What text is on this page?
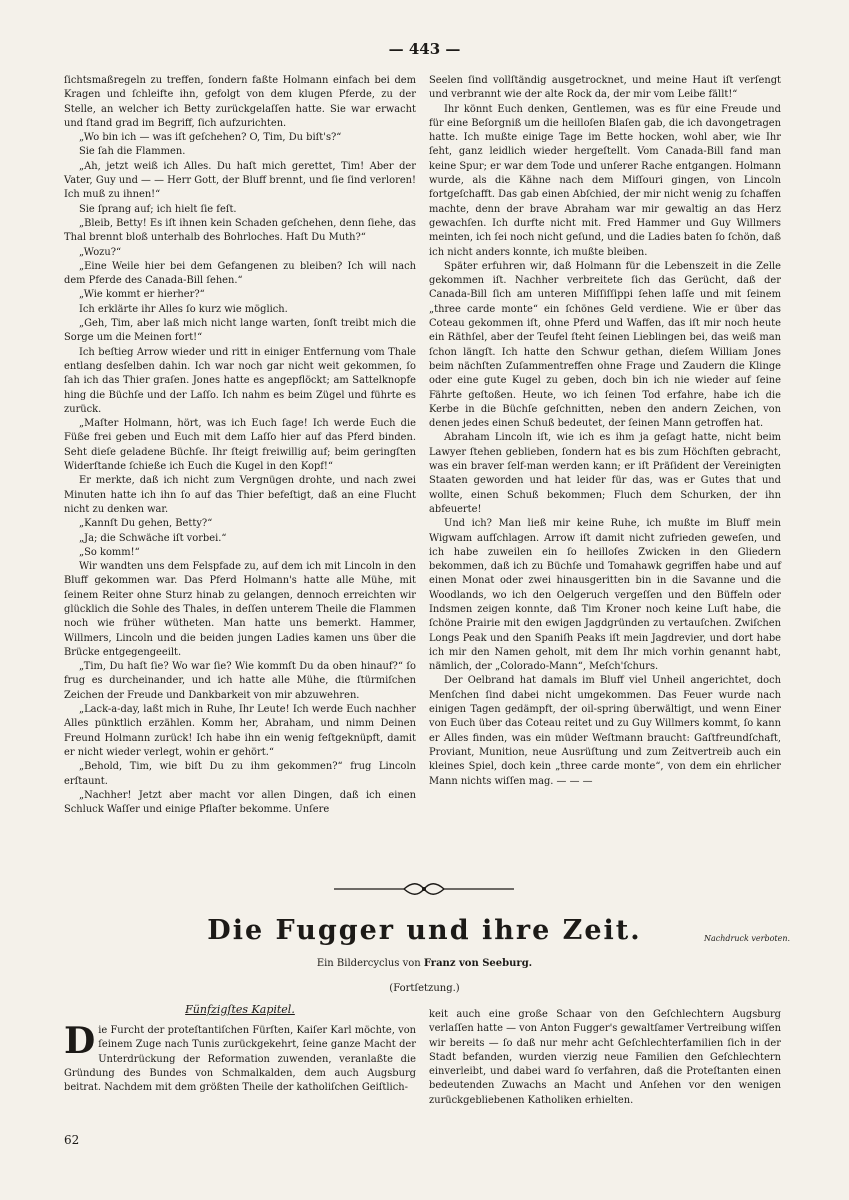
— 443 —

ſichtsmaßregeln zu treffen, ſondern faßte Holmann einfach bei dem Kragen und ſchleifte ihn, gefolgt von dem klugen Pferde, zu der Stelle, an welcher ich Betty zurückgelaſſen hatte. Sie war erwacht und ſtand grad im Begriff, ſich aufzurichten.

„Wo bin ich — was iſt geſchehen? O, Tim, Du biſt's?“

Sie ſah die Flammen.

„Ah, jetzt weiß ich Alles. Du haſt mich gerettet, Tim! Aber der Vater, Guy und — — Herr Gott, der Bluff brennt, und ſie ſind verloren! Ich muß zu ihnen!“

Sie ſprang auf; ich hielt ſie feſt.

„Bleib, Betty! Es iſt ihnen kein Schaden geſchehen, denn ſiehe, das Thal brennt bloß unterhalb des Bohrloches. Haſt Du Muth?“

„Wozu?“

„Eine Weile hier bei dem Gefangenen zu bleiben? Ich will nach dem Pferde des Canada-Bill ſehen.“

„Wie kommt er hierher?“

Ich erklärte ihr Alles ſo kurz wie möglich.

„Geh, Tim, aber laß mich nicht lange warten, ſonſt treibt mich die Sorge um die Meinen fort!“

Ich beſtieg Arrow wieder und ritt in einiger Entfernung vom Thale entlang desſelben dahin. Ich war noch gar nicht weit gekommen, ſo ſah ich das Thier graſen. Jones hatte es angepflöckt; am Sattelknopfe hing die Büchſe und der Laſſo. Ich nahm es beim Zügel und führte es zurück.

„Maſter Holmann, hört, was ich Euch ſage! Ich werde Euch die Füße frei geben und Euch mit dem Laſſo hier auf das Pferd binden. Seht dieſe geladene Büchſe. Ihr ſteigt freiwillig auf; beim geringſten Widerſtande ſchieße ich Euch die Kugel in den Kopf!“

Er merkte, daß ich nicht zum Vergnügen drohte, und nach zwei Minuten hatte ich ihn ſo auf das Thier befeſtigt, daß an eine Flucht nicht zu denken war.

„Kannſt Du gehen, Betty?“

„Ja; die Schwäche iſt vorbei.“

„So komm!“

Wir wandten uns dem Felspfade zu, auf dem ich mit Lincoln in den Bluff gekommen war. Das Pferd Holmann's hatte alle Mühe, mit ſeinem Reiter ohne Sturz hinab zu gelangen, dennoch erreichten wir glücklich die Sohle des Thales, in deſſen unterem Theile die Flammen noch wie früher wütheten. Man hatte uns bemerkt. Hammer, Willmers, Lincoln und die beiden jungen Ladies kamen uns über die Brücke entgegengeeilt.

„Tim, Du haſt ſie? Wo war ſie? Wie kommſt Du da oben hinauf?“ ſo frug es durcheinander, und ich hatte alle Mühe, die ſtürmiſchen Zeichen der Freude und Dankbarkeit von mir abzuwehren.

„Lack-a-day, laßt mich in Ruhe, Ihr Leute! Ich werde Euch nachher Alles pünktlich erzählen. Komm her, Abraham, und nimm Deinen Freund Holmann zurück! Ich habe ihn ein wenig feſtgeknüpft, damit er nicht wieder verlegt, wohin er gehört.“

„Behold, Tim, wie biſt Du zu ihm gekommen?“ frug Lincoln erſtaunt.

„Nachher! Jetzt aber macht vor allen Dingen, daß ich einen Schluck Waſſer und einige Pflaſter bekomme. Unſere

Seelen ſind vollſtändig ausgetrocknet, und meine Haut iſt verſengt und verbrannt wie der alte Rock da, der mir vom Leibe fällt!“

Ihr könnt Euch denken, Gentlemen, was es für eine Freude und für eine Beſorgniß um die heilloſen Blaſen gab, die ich davongetragen hatte. Ich mußte einige Tage im Bette hocken, wohl aber, wie Ihr ſeht, ganz leidlich wieder hergeſtellt. Vom Canada-Bill fand man keine Spur; er war dem Tode und unſerer Rache entgangen. Holmann wurde, als die Kähne nach dem Miſſouri gingen, von Lincoln fortgeſchafft. Das gab einen Abſchied, der mir nicht wenig zu ſchaffen machte, denn der brave Abraham war mir gewaltig an das Herz gewachſen. Ich durfte nicht mit. Fred Hammer und Guy Willmers meinten, ich ſei noch nicht geſund, und die Ladies baten ſo ſchön, daß ich nicht anders konnte, ich mußte bleiben.

Später erfuhren wir, daß Holmann für die Lebenszeit in die Zelle gekommen iſt. Nachher verbreitete ſich das Gerücht, daß der Canada-Bill ſich am unteren Miſſiſſippi ſehen laſſe und mit ſeinem „three carde monte“ ein ſchönes Geld verdiene. Wie er über das Coteau gekommen iſt, ohne Pferd und Waffen, das iſt mir noch heute ein Räthſel, aber der Teufel ſteht ſeinen Lieblingen bei, das weiß man ſchon längſt. Ich hatte den Schwur gethan, dieſem William Jones beim nächſten Zuſammentreffen ohne Frage und Zaudern die Klinge oder eine gute Kugel zu geben, doch bin ich nie wieder auf ſeine Fährte geſtoßen. Heute, wo ich ſeinen Tod erfahre, habe ich die Kerbe in die Büchſe geſchnitten, neben den andern Zeichen, von denen jedes einen Schuß bedeutet, der ſeinen Mann getroffen hat.

Abraham Lincoln iſt, wie ich es ihm ja geſagt hatte, nicht beim Lawyer ſtehen geblieben, ſondern hat es bis zum Höchſten gebracht, was ein braver ſelf-man werden kann; er iſt Präſident der Vereinigten Staaten geworden und hat leider für das, was er Gutes that und wollte, einen Schuß bekommen; Fluch dem Schurken, der ihn abfeuerte!

Und ich? Man ließ mir keine Ruhe, ich mußte im Bluff mein Wigwam aufſchlagen. Arrow iſt damit nicht zufrieden geweſen, und ich habe zuweilen ein ſo heilloſes Zwicken in den Gliedern bekommen, daß ich zu Büchſe und Tomahawk gegriffen habe und auf einen Monat oder zwei hinausgeritten bin in die Savanne und die Woodlands, wo ich den Oelgeruch vergeſſen und den Büffeln oder Indsmen zeigen konnte, daß Tim Kroner noch keine Luſt habe, die ſchöne Prairie mit den ewigen Jagdgründen zu vertauſchen. Zwiſchen Longs Peak und den Spaniſh Peaks iſt mein Jagdrevier, und dort habe ich mir den Namen geholt, mit dem Ihr mich vorhin genannt habt, nämlich, der „Colorado-Mann“, Meſch'ſchurs.

Der Oelbrand hat damals im Bluff viel Unheil angerichtet, doch Menſchen ſind dabei nicht umgekommen. Das Feuer wurde nach einigen Tagen gedämpft, der oil-spring überwältigt, und wenn Einer von Euch über das Coteau reitet und zu Guy Willmers kommt, ſo kann er Alles finden, was ein müder Weſtmann braucht: Gaſtfreundſchaft, Proviant, Munition, neue Ausrüſtung und zum Zeitvertreib auch ein kleines Spiel, doch kein „three carde monte“, von dem ein ehrlicher Mann nichts wiſſen mag. — — —

Die Fugger und ihre Zeit.	Nachdruck verboten.
Ein Bildercyclus von Franz von Seeburg.
(Fortſetzung.)
Fünfzigſtes Kapitel.

Die Furcht der proteſtantiſchen Fürſten, Kaiſer Karl möchte, von ſeinem Zuge nach Tunis zurückgekehrt, ſeine ganze Macht der Unterdrückung der Reformation zuwenden, veranlaßte die Gründung des Bundes von Schmalkalden, dem auch Augsburg beitrat. Nachdem mit dem größten Theile der katholiſchen Geiſtlich-

keit auch eine große Schaar von den Geſchlechtern Augsburg verlaſſen hatte — von Anton Fugger's gewaltſamer Vertreibung wiſſen wir bereits — ſo daß nur mehr acht Geſchlechterfamilien ſich in der Stadt befanden, wurden vierzig neue Familien den Geſchlechtern einverleibt, und dabei ward ſo verfahren, daß die Proteſtanten einen bedeutenden Zuwachs an Macht und Anſehen vor den wenigen zurückgebliebenen Katholiken erhielten.

62
